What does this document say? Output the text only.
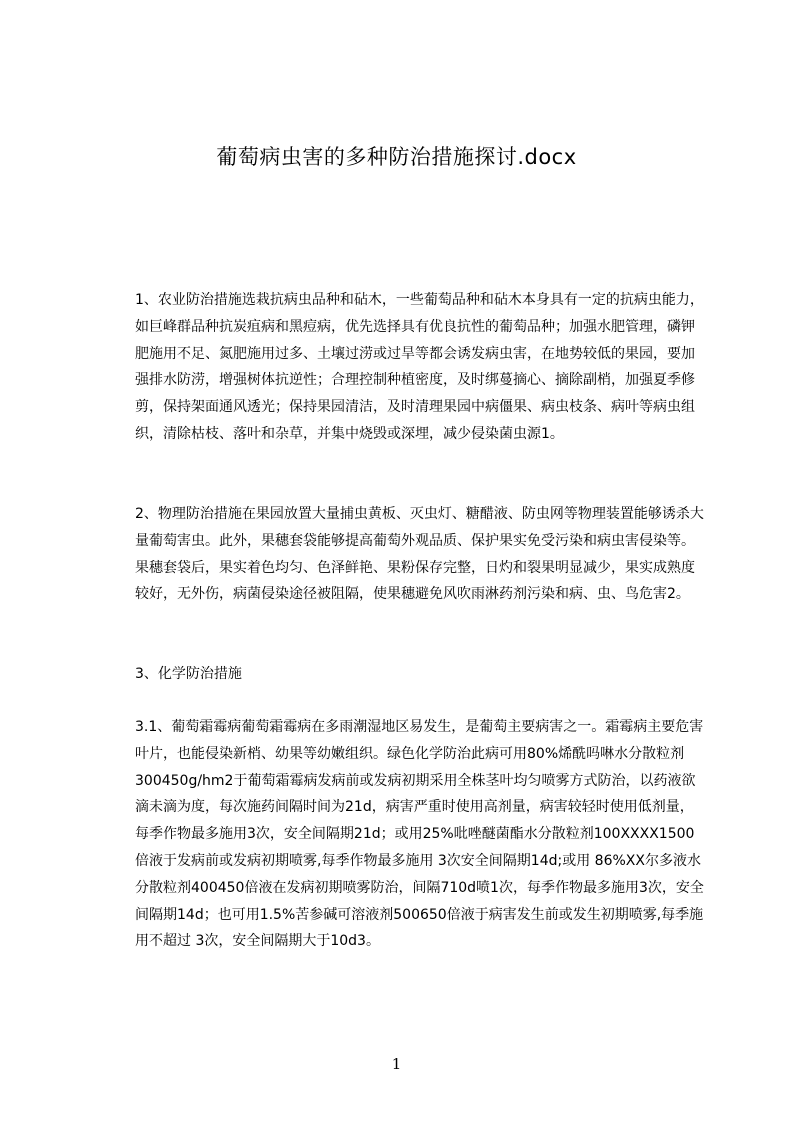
葡萄病虫害的多种防治措施探讨.docx
1、农业防治措施选栽抗病虫品种和砧木，一些葡萄品种和砧木本身具有一定的抗病虫能力，如巨峰群品种抗炭疽病和黑痘病，优先选择具有优良抗性的葡萄品种；加强水肥管理，磷钾肥施用不足、氮肥施用过多、土壤过涝或过旱等都会诱发病虫害，在地势较低的果园，要加强排水防涝，增强树体抗逆性；合理控制种植密度，及时绑蔓摘心、摘除副梢，加强夏季修剪，保持架面通风透光；保持果园清洁，及时清理果园中病僵果、病虫枝条、病叶等病虫组织，清除枯枝、落叶和杂草，并集中烧毁或深埋，减少侵染菌虫源1。
2、物理防治措施在果园放置大量捕虫黄板、灭虫灯、糖醋液、防虫网等物理装置能够诱杀大量葡萄害虫。此外，果穗套袋能够提高葡萄外观品质、保护果实免受污染和病虫害侵染等。果穗套袋后，果实着色均匀、色泽鲜艳、果粉保存完整，日灼和裂果明显减少，果实成熟度较好，无外伤，病菌侵染途径被阻隔，使果穗避免风吹雨淋药剂污染和病、虫、鸟危害2。
3、化学防治措施
3.1、葡萄霜霉病葡萄霜霉病在多雨潮湿地区易发生，是葡萄主要病害之一。霜霉病主要危害叶片，也能侵染新梢、幼果等幼嫩组织。绿色化学防治此病可用80%烯酰吗啉水分散粒剂300450g/hm2于葡萄霜霉病发病前或发病初期采用全株茎叶均匀喷雾方式防治，以药液欲滴未滴为度，每次施药间隔时间为21d，病害严重时使用高剂量，病害较轻时使用低剂量，每季作物最多施用3次，安全间隔期21d；或用25%吡唑醚菌酯水分散粒剂100XXXX1500倍液于发病前或发病初期喷雾,每季作物最多施用 3次安全间隔期14d;或用 86%XX尔多液水分散粒剂400450倍液在发病初期喷雾防治，间隔710d喷1次，每季作物最多施用3次，安全间隔期14d；也可用1.5%苦参碱可溶液剂500650倍液于病害发生前或发生初期喷雾,每季施用不超过 3次，安全间隔期大于10d3。
1
